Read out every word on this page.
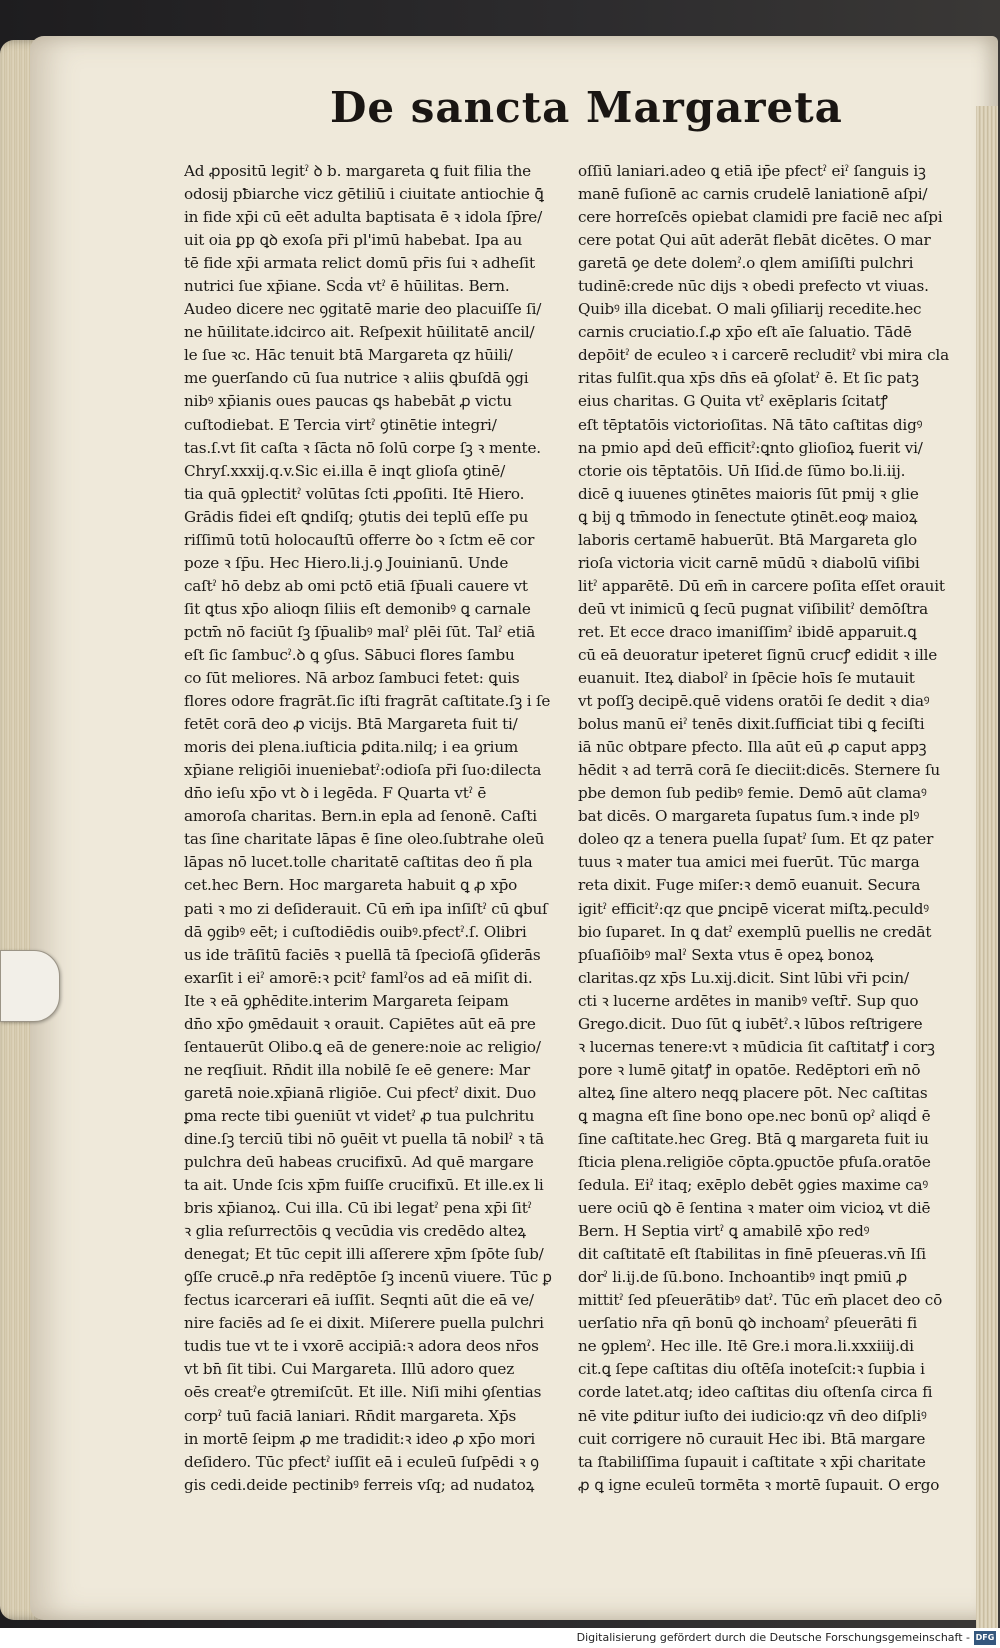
De sancta Margareta
Ad ꝓpositū legitˀ ꝺ b. margareta ꝗ fuit filia the
odosij pƀiarche vicz gētiliū i ciuitate antiochie ꝗ̄
in fide xp̄i cū eēt adulta baptisata ē ꝛ idola ſp̄re/
uit oia ꝑp ꝗꝺ exoſa pr̄i pl'imū habebat. Ipa au
tē fide xp̄i armata relict domū pr̄is ſui ꝛ adheſit
nutrici ſue xp̄iane. Scḋa vtˀ ē hūilitas. Bern.
Audeo dicere nec ꝯgitatē marie deo placuiſſe ſi/
ne hūilitate.idcirco ait. Reſpexit hūilitatē ancil/
le ſue ꝛc. Hāc tenuit btā Margareta qz hūili/
me ꝯuerſando cū ſua nutrice ꝛ aliis ꝗbuſdā ꝯgi
nibꝰ xp̄ianis oues paucas ꝗs habebāt ꝓ victu
cuſtodiebat. E Tercia virtˀ ꝯtinētie integri/
tas.ſ.vt ſit caſta ꝛ ſācta nō ſolū corpe ſꝫ ꝛ mente.
Chryſ.xxxij.q.v.Sic ei.illa ē inqt glioſa ꝯtinē/
tia quā ꝯplectitˀ volūtas ſcti ꝓpoſiti. Itē Hiero.
Grādis fidei eſt ꝗndiſq; ꝯtutis dei teplū eſſe pu
riſſimū totū holocauſtū offerre ꝺo ꝛ ſctm eē cor
poze ꝛ ſp̄u. Hec Hiero.li.j.ꝯ Jouinianū. Unde
caſtˀ hō debz ab omi pctō etiā ſp̄uali cauere vt
ſit ꝗtus xp̄o alioqn ſiliis eſt demonibꝰ ꝗ carnale
pctm̄ nō faciūt ſꝫ ſp̄ualibꝰ malˀ plēi ſūt. Talˀ etiā
eſt ſic ſambucˀ.ꝺ ꝗ ꝯſus. Sābuci flores ſambu
co ſūt meliores. Nā arboz ſambuci fetet: ꝗuis
flores odore fragrāt.ſic iſti fragrāt caſtitate.ſꝫ i ſe
fetēt corā deo ꝓ vicijs. Btā Margareta fuit ti/
moris dei plena.iuſticia ꝑdita.nilq; i ea ꝯrium
xp̄iane religiōi inueniebatˀ:odioſa pr̄i ſuo:dilecta
dn̄o ieſu xp̄o vt ꝺ i legēda. F Quarta vtˀ ē
amoroſa charitas. Bern.in epla ad ſenonē. Caſti
tas ſine charitate lāpas ē ſine oleo.ſubtrahe oleū
lāpas nō lucet.tolle charitatē caſtitas deo ñ pla
cet.hec Bern. Hoc margareta habuit ꝗ ꝓ xp̄o
pati ꝛ mo zi deſiderauit. Cū em̄ ipa inſiſtˀ cū ꝗbuſ
dā ꝯgibꝰ eēt; i cuſtodiēdis ouibꝰ.pfectˀ.ſ. Olibri
us ide trāſitū faciēs ꝛ puellā tā ſpecioſā ꝯſiderās
exarſit i eiˀ amorē:ꝛ pcitˀ famlˀos ad eā miſit di.
Ite ꝛ eā ꝯꝑhēdite.interim Margareta ſeipam
dn̄o xp̄o ꝯmēdauit ꝛ orauit. Capiētes aūt eā pre
ſentauerūt Olibo.ꝗ eā de genere:noie ac religio/
ne reqſiuit. Rn̄dit illa nobilē ſe eē genere: Mar
garetā noie.xp̄ianā rligiōe. Cui pfectˀ dixit. Duo
ꝑma recte tibi ꝯueniūt vt videtˀ ꝓ tua pulchritu
dine.ſꝫ terciū tibi nō ꝯuēit vt puella tā nobilˀ ꝛ tā
pulchra deū habeas crucifixū. Ad quē margare
ta ait. Unde ſcis xp̄m fuiſſe crucifixū. Et ille.ex li
bris xp̄ianoꝝ. Cui illa. Cū ibi legatˀ pena xp̄i ſitˀ
ꝛ glia reſurrectōis ꝗ vecūdia vis credēdo alteꝝ
denegat; Et tūc cepit illi aſſerere xp̄m ſpōte ſub/
ꝯſſe crucē.ꝓ nr̄a redēptōe ſꝫ incenū viuere. Tūc ꝑ
fectus icarcerari eā iuſſit. Seqnti aūt die eā ve/
nire faciēs ad ſe ei dixit. Miſerere puella pulchri
tudis tue vt te i vxorē accipiā:ꝛ adora deos nr̄os
vt bn̄ ſit tibi. Cui Margareta. Illū adoro quez
oēs creatˀe ꝯtremiſcūt. Et ille. Niſi mihi ꝯſentias
corpˀ tuū faciā laniari. Rn̄dit margareta. Xp̄s
in mortē ſeipm ꝓ me tradidit:ꝛ ideo ꝓ xp̄o mori
deſidero. Tūc pfectˀ iuſſit eā i eculeū ſuſpēdi ꝛ ꝯ
gis cedi.deide pectinibꝰ ferreis vſq; ad nudatoꝝ
oſſiū laniari.adeo ꝗ etiā ip̄e pfectˀ eiˀ ſanguis iꝫ
manē fuſionē ac carnis crudelē laniationē aſpi/
cere horreſcēs opiebat clamidi pre faciē nec aſpi
cere potat Qui aūt aderāt flebāt dicētes. O mar
garetā ꝯe dete dolemˀ.o qlem amiſiſti pulchri
tudinē:crede nūc dijs ꝛ obedi prefecto vt viuas.
Quibꝰ illa dicebat. O mali ꝯſiliarij recedite.hec
carnis cruciatio.ſ.ꝓ xp̄o eſt aīe ſaluatio. Tādē
depōitˀ de eculeo ꝛ i carcerē recluditˀ vbi mira cla
ritas fulſit.qua xp̄s dn̄s eā ꝯſolatˀ ē. Et ſic patꝫ
eius charitas. G Quita vtˀ exēplaris ſcitatꝭ
eſt tēptatōis victorioſitas. Nā tāto caſtitas digꝰ
na pmio apḋ deū efficitˀ:ꝗnto glioſioꝝ fuerit vi/
ctorie ois tēptatōis. Un̄ Iſiḋ.de ſūmo bo.li.iij.
dicē ꝗ iuuenes ꝯtinētes maioris ſūt pmij ꝛ glie
ꝗ bij ꝗ tm̄modo in ſenectute ꝯtinēt.eoꝙ maioꝝ
laboris certamē habuerūt. Btā Margareta glo
rioſa victoria vicit carnē mūdū ꝛ diabolū viſibi
litˀ apparētē. Dū em̄ in carcere poſita eſſet orauit
deū vt inimicū ꝗ ſecū pugnat viſibilitˀ demōſtra
ret. Et ecce draco imaniſſimˀ ibidē apparuit.ꝗ
cū eā deuoratur ipeteret ſignū crucꝭ edidit ꝛ ille
euanuit. Iteꝝ diabolˀ in ſpēcie hoīs ſe mutauit
vt poſſꝫ decipē.quē videns oratōi ſe dedit ꝛ diaꝰ
bolus manū eiˀ tenēs dixit.ſufficiat tibi ꝗ feciſti
iā nūc obtpare pfecto. Illa aūt eū ꝓ caput appꝫ
hēdit ꝛ ad terrā corā ſe dieciit:dicēs. Sternere ſu
pbe demon ſub pedibꝰ femie. Demō aūt clamaꝰ
bat dicēs. O margareta ſupatus ſum.ꝛ inde plꝰ
doleo qz a tenera puella ſupatˀ ſum. Et qz pater
tuus ꝛ mater tua amici mei fuerūt. Tūc marga
reta dixit. Fuge miſer:ꝛ demō euanuit. Secura
igitˀ efficitˀ:qz que ꝑncipē vicerat miſtꝝ.peculdꝰ
bio ſuparet. In ꝗ datˀ exemplū puellis ne credāt
pſuaſiōibꝰ malˀ Sexta vtus ē opeꝝ bonoꝝ
claritas.qz xp̄s Lu.xij.dicit. Sint lūbi vr̄i pcin/
cti ꝛ lucerne ardētes in manibꝰ veſtr̄. Sup quo
Grego.dicit. Duo ſūt ꝗ iubētˀ.ꝛ lūbos reſtrigere
ꝛ lucernas tenere:vt ꝛ mūdicia ſit caſtitatꝭ i corꝫ
pore ꝛ lumē ꝯitatꝭ in opatōe. Redēptori em̄ nō
alteꝝ ſine altero neqꝗ placere pōt. Nec caſtitas
ꝗ magna eſt ſine bono ope.nec bonū opˀ aliqḋ ē
ſine caſtitate.hec Greg. Btā ꝗ margareta fuit iu
ſticia plena.religiōe cōpta.ꝯpuctōe pfuſa.oratōe
ſedula. Eiˀ itaq; exēplo debēt ꝯgies maxime caꝰ
uere ociū ꝗꝺ ē ſentina ꝛ mater oim vicioꝝ vt diē
Bern. H Septia virtˀ ꝗ amabilē xp̄o redꝰ
dit caſtitatē eſt ſtabilitas in finē pſeueras.vn̄ Iſi
dorˀ li.ij.de ſū.bono. Inchoantibꝰ inqt pmiū ꝓ
mittitˀ ſed pſeuerātibꝰ datˀ. Tūc em̄ placet deo cō
uerſatio nr̄a qn̄ bonū ꝗꝺ inchoamˀ pſeuerāti fi
ne ꝯplemˀ. Hec ille. Itē Gre.i mora.li.xxxiiij.di
cit.ꝗ ſepe caſtitas diu oſtēſa inoteſcit:ꝛ ſupbia i
corde latet.atq; ideo caſtitas diu oſtenſa circa fi
nē vite ꝑditur iuſto dei iudicio:qz vn̄ deo diſpliꝰ
cuit corrigere nō curauit Hec ibi. Btā margare
ta ſtabiliſſima ſupauit i caſtitate ꝛ xp̄i charitate
ꝓ ꝗ igne eculeū tormēta ꝛ mortē ſupauit. O ergo
Digitalisierung gefördert durch die Deutsche Forschungsgemeinschaft - DFG
